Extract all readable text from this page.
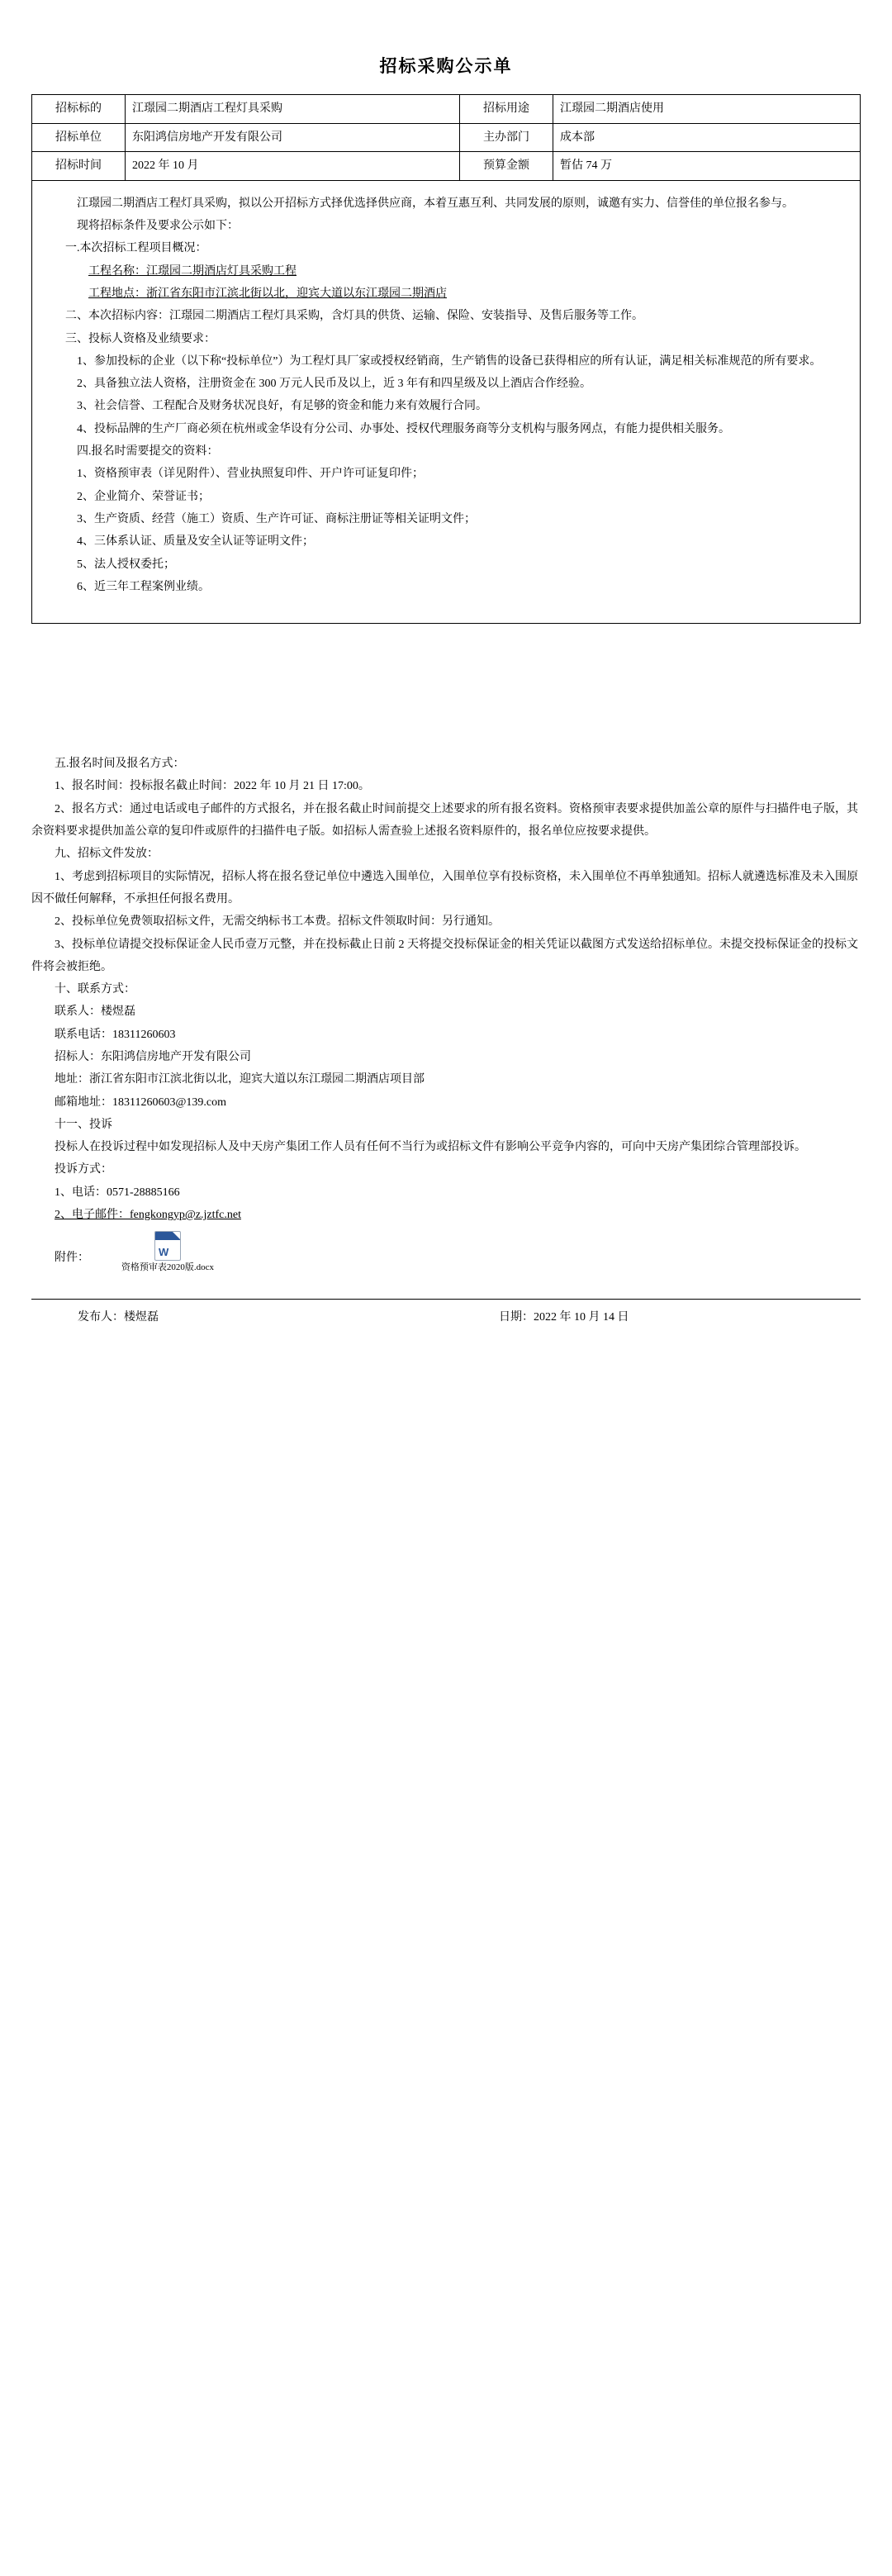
招标采购公示单
招标标的	江璟园二期酒店工程灯具采购	招标用途	江璟园二期酒店使用
招标单位	东阳鸿信房地产开发有限公司	主办部门	成本部
招标时间	2022 年 10 月	预算金额	暂估 74 万

江璟园二期酒店工程灯具采购，拟以公开招标方式择优选择供应商，本着互惠互利、共同发展的原则，诚邀有实力、信誉佳的单位报名参与。

现将招标条件及要求公示如下：

一.本次招标工程项目概况：

工程名称：江璟园二期酒店灯具采购工程

工程地点：浙江省东阳市江滨北街以北，迎宾大道以东江璟园二期酒店

二、本次招标内容：江璟园二期酒店工程灯具采购，含灯具的供货、运输、保险、安装指导、及售后服务等工作。

三、投标人资格及业绩要求：

1、参加投标的企业（以下称“投标单位”）为工程灯具厂家或授权经销商，生产销售的设备已获得相应的所有认证，满足相关标准规范的所有要求。

2、具备独立法人资格，注册资金在 300 万元人民币及以上，近 3 年有和四星级及以上酒店合作经验。

3、社会信誉、工程配合及财务状况良好，有足够的资金和能力来有效履行合同。

4、投标品牌的生产厂商必须在杭州或金华设有分公司、办事处、授权代理服务商等分支机构与服务网点，有能力提供相关服务。

四.报名时需要提交的资料：

1、资格预审表（详见附件）、营业执照复印件、开户许可证复印件；

2、企业简介、荣誉证书；

3、生产资质、经营（施工）资质、生产许可证、商标注册证等相关证明文件；

4、三体系认证、质量及安全认证等证明文件；

5、法人授权委托；

6、近三年工程案例业绩。

五.报名时间及报名方式：

1、报名时间：投标报名截止时间：2022 年 10 月 21 日 17:00。

2、报名方式：通过电话或电子邮件的方式报名，并在报名截止时间前提交上述要求的所有报名资料。资格预审表要求提供加盖公章的原件与扫描件电子版，其余资料要求提供加盖公章的复印件或原件的扫描件电子版。如招标人需查验上述报名资料原件的，报名单位应按要求提供。

九、招标文件发放：

1、考虑到招标项目的实际情况，招标人将在报名登记单位中遴选入围单位，入围单位享有投标资格，未入围单位不再单独通知。招标人就遴选标准及未入围原因不做任何解释，不承担任何报名费用。

2、投标单位免费领取招标文件，无需交纳标书工本费。招标文件领取时间：另行通知。

3、投标单位请提交投标保证金人民币壹万元整，并在投标截止日前 2 天将提交投标保证金的相关凭证以截图方式发送给招标单位。未提交投标保证金的投标文件将会被拒绝。

十、联系方式：

联系人：楼煜磊

联系电话：18311260603

招标人：东阳鸿信房地产开发有限公司

地址：浙江省东阳市江滨北街以北，迎宾大道以东江璟园二期酒店项目部

邮箱地址：18311260603@139.com

十一、投诉

投标人在投诉过程中如发现招标人及中天房产集团工作人员有任何不当行为或招标文件有影响公平竞争内容的，可向中天房产集团综合管理部投诉。

投诉方式：

1、电话：0571-28885166

2、电子邮件：fengkongyp@z.jztfc.net

附件：	W
资格预审表2020版.docx
发布人：楼煜磊	日期：2022 年 10 月 14 日
